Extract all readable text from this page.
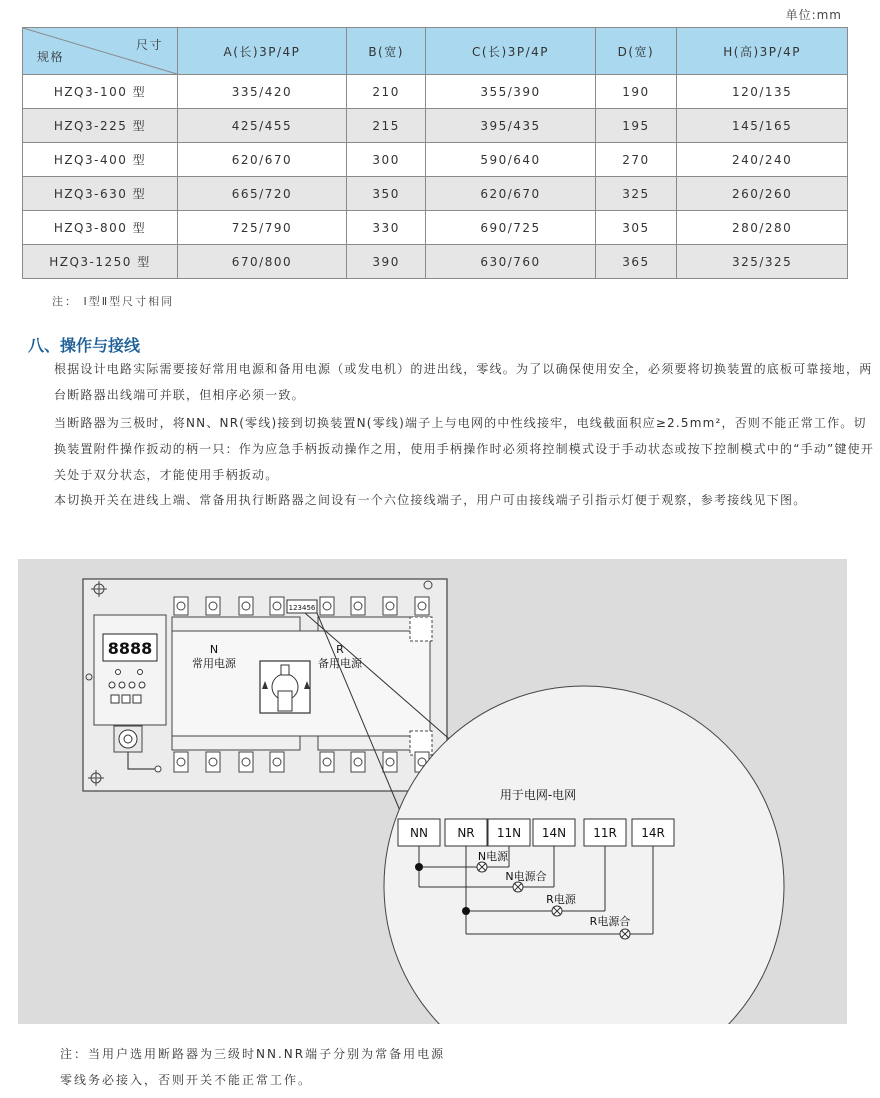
单位:mm
尺寸
规格	A(长)3P/4P	B(宽)	C(长)3P/4P	D(宽)	H(高)3P/4P
HZQ3-100 型	335/420	210	355/390	190	120/135
HZQ3-225 型	425/455	215	395/435	195	145/165
HZQ3-400 型	620/670	300	590/640	270	240/240
HZQ3-630 型	665/720	350	620/670	325	260/260
HZQ3-800 型	725/790	330	690/725	305	280/280
HZQ3-1250 型	670/800	390	630/760	365	325/325
注： Ⅰ型Ⅱ型尺寸相同
八、操作与接线
根据设计电路实际需要接好常用电源和备用电源（或发电机）的进出线，零线。为了以确保使用安全，必须要将切换装置的底板可靠接地，两台断路器出线端可并联，但相序必须一致。
当断路器为三极时，将NN、NR(零线)接到切换装置N(零线)端子上与电网的中性线接牢，电线截面积应≥2.5mm²，否则不能正常工作。切换装置附件操作扳动的柄一只：作为应急手柄扳动操作之用，使用手柄操作时必须将控制模式设于手动状态或按下控制模式中的“手动”键使开关处于双分状态，才能使用手柄扳动。
本切换开关在进线上端、常备用执行断路器之间设有一个六位接线端子，用户可由接线端子引指示灯便于观察，参考接线见下图。
8888
123456
N
常用电源
R
备用电源
用于电网-电网
NN NR 11N 14N 11R 14R
N电源
N电源合
R电源
R电源合
注：当用户选用断路器为三级时NN.NR端子分别为常备用电源
零线务必接入，否则开关不能正常工作。
